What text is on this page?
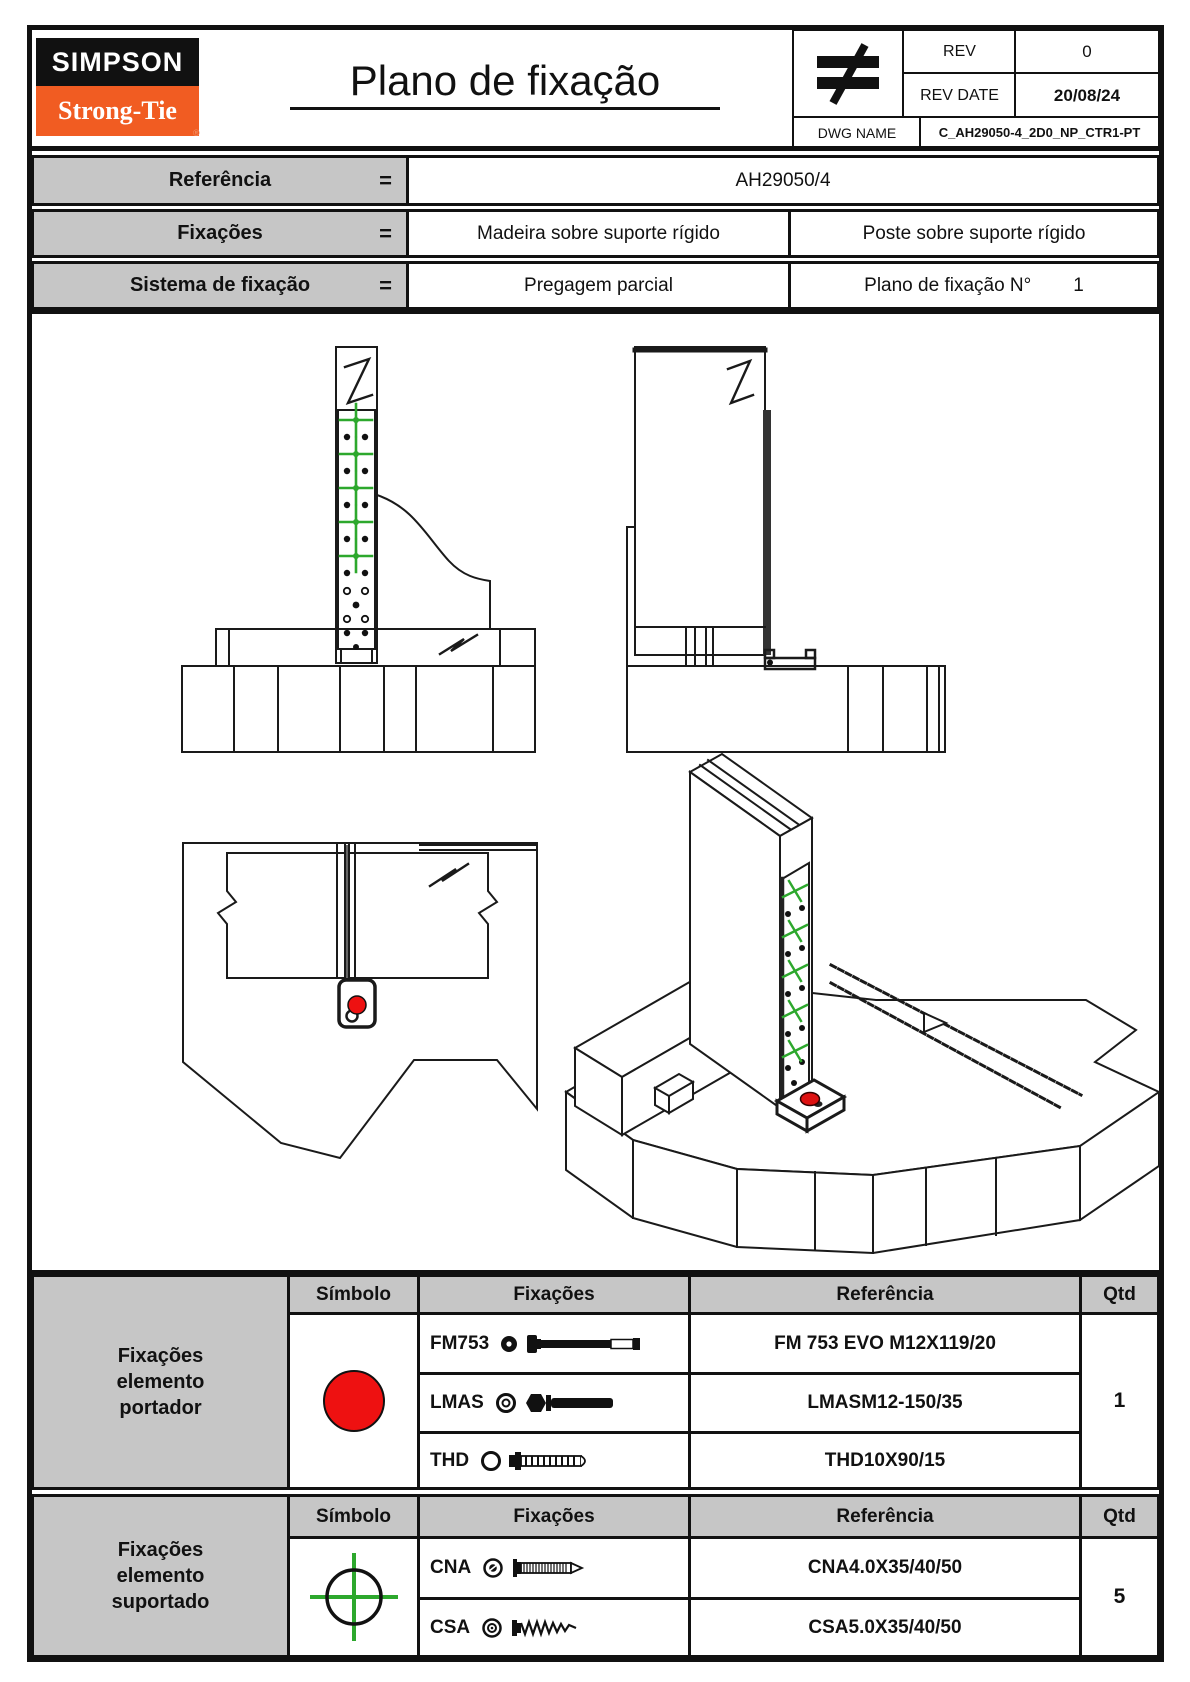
SIMPSON
Strong-Tie
®
Plano de fixação
REV	0
REV DATE	20/08/24
DWG NAME	C_AH29050-4_2D0_NP_CTR1-PT
Referência	=	AH29050/4
Fixações	=	Madeira sobre suporte rígido	Poste sobre suporte rígido
Sistema de fixação	=	Pregagem parcial	Plano de fixação N° 1
Fixações elemento portador
Símbolo	Fixações	Referência	Qtd
FM753	FM 753 EVO M12X119/20
LMAS	LMASM12-150/35
THD	THD10X90/15
1
Fixações elemento suportado
Símbolo	Fixações	Referência	Qtd
CNA	CNA4.0X35/40/50
CSA	CSA5.0X35/40/50
5
